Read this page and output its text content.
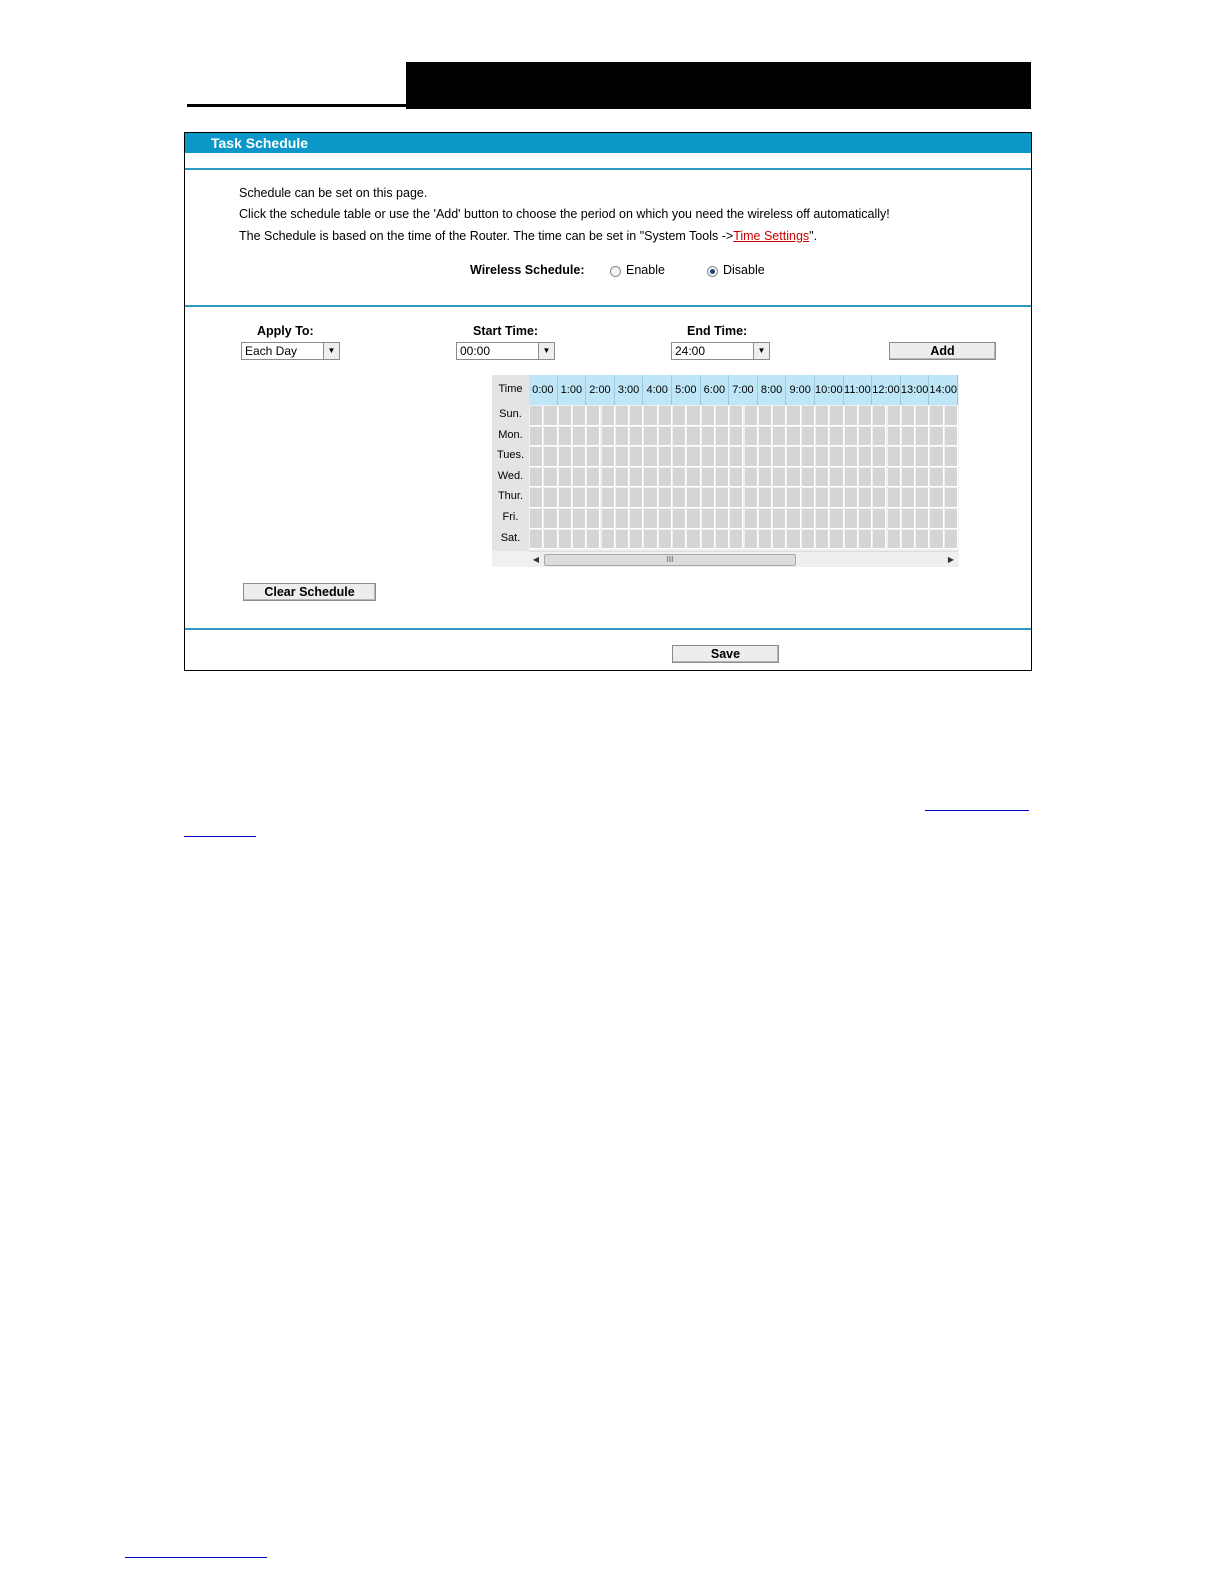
Task Schedule
Schedule can be set on this page.
Click the schedule table or use the 'Add' button to choose the period on which you need the wireless off automatically!
The Schedule is based on the time of the Router. The time can be set in "System Tools ->Time Settings".
Wireless Schedule:	Enable	Disable
Apply To:
Each Day	▼
Start Time:
00:00	▼
End Time:
24:00	▼	Add
Time
◀	III	▶
0:00 1:00 2:00 3:00 4:00 5:00 6:00 7:00 8:00 9:00 10:00 11:00 12:00 13:00 14:00
Sun.
Mon.
Tues.
Wed.
Thur.
Fri.
Sat.
Clear Schedule
Save
